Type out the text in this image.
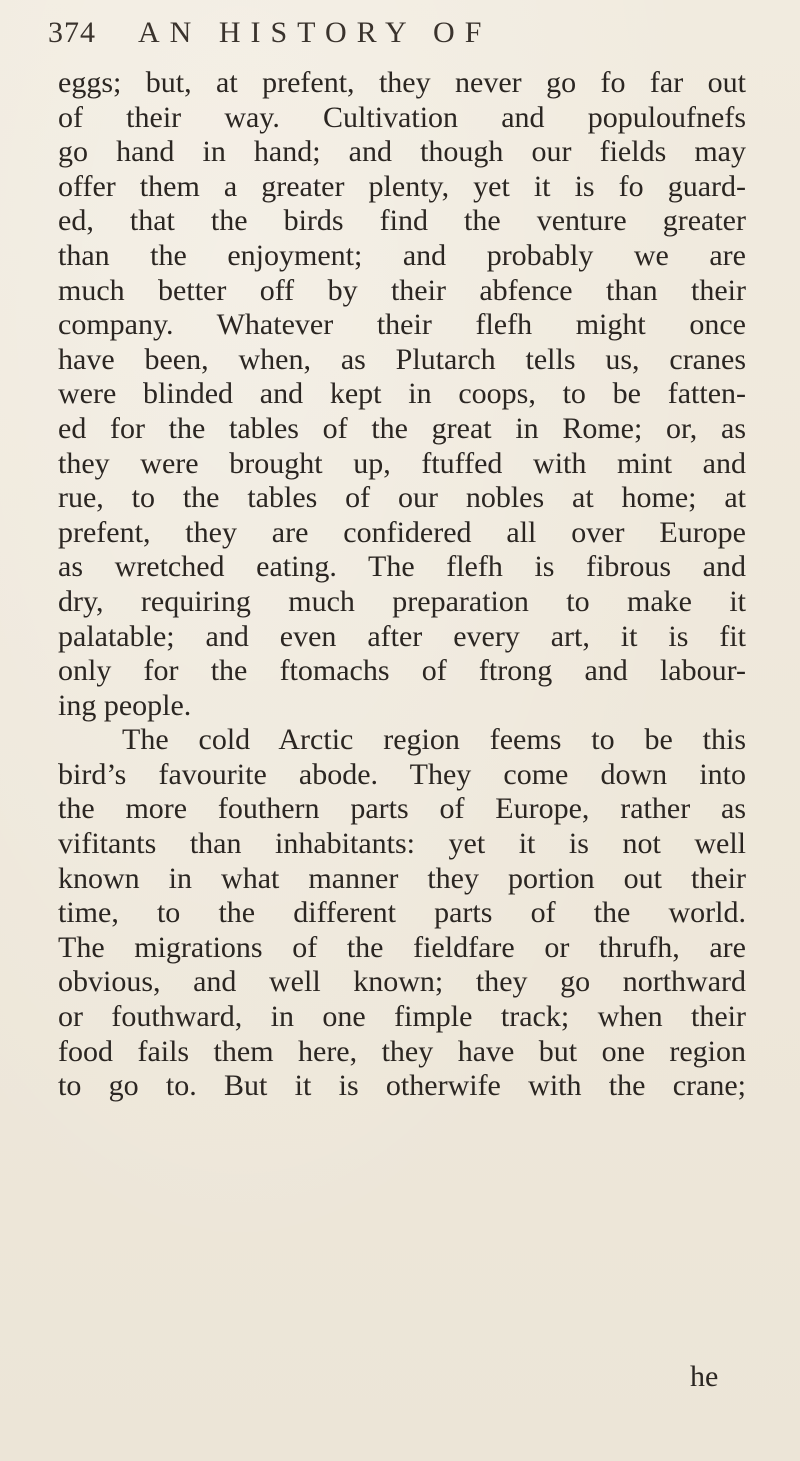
374	AN HISTORY OF
eggs; but, at prefent, they never go fo far out
of their way. Cultivation and populoufnefs
go hand in hand; and though our fields may
offer them a greater plenty, yet it is fo guard-
ed, that the birds find the venture greater
than the enjoyment; and probably we are
much better off by their abfence than their
company. Whatever their flefh might once
have been, when, as Plutarch tells us, cranes
were blinded and kept in coops, to be fatten-
ed for the tables of the great in Rome; or, as
they were brought up, ftuffed with mint and
rue, to the tables of our nobles at home; at
prefent, they are confidered all over Europe
as wretched eating. The flefh is fibrous and
dry, requiring much preparation to make it
palatable; and even after every art, it is fit
only for the ftomachs of ftrong and labour-
ing people.
The cold Arctic region feems to be this
bird’s favourite abode. They come down into
the more fouthern parts of Europe, rather as
vifitants than inhabitants: yet it is not well
known in what manner they portion out their
time, to the different parts of the world.
The migrations of the fieldfare or thrufh, are
obvious, and well known; they go northward
or fouthward, in one fimple track; when their
food fails them here, they have but one region
to go to. But it is otherwife with the crane;
he
